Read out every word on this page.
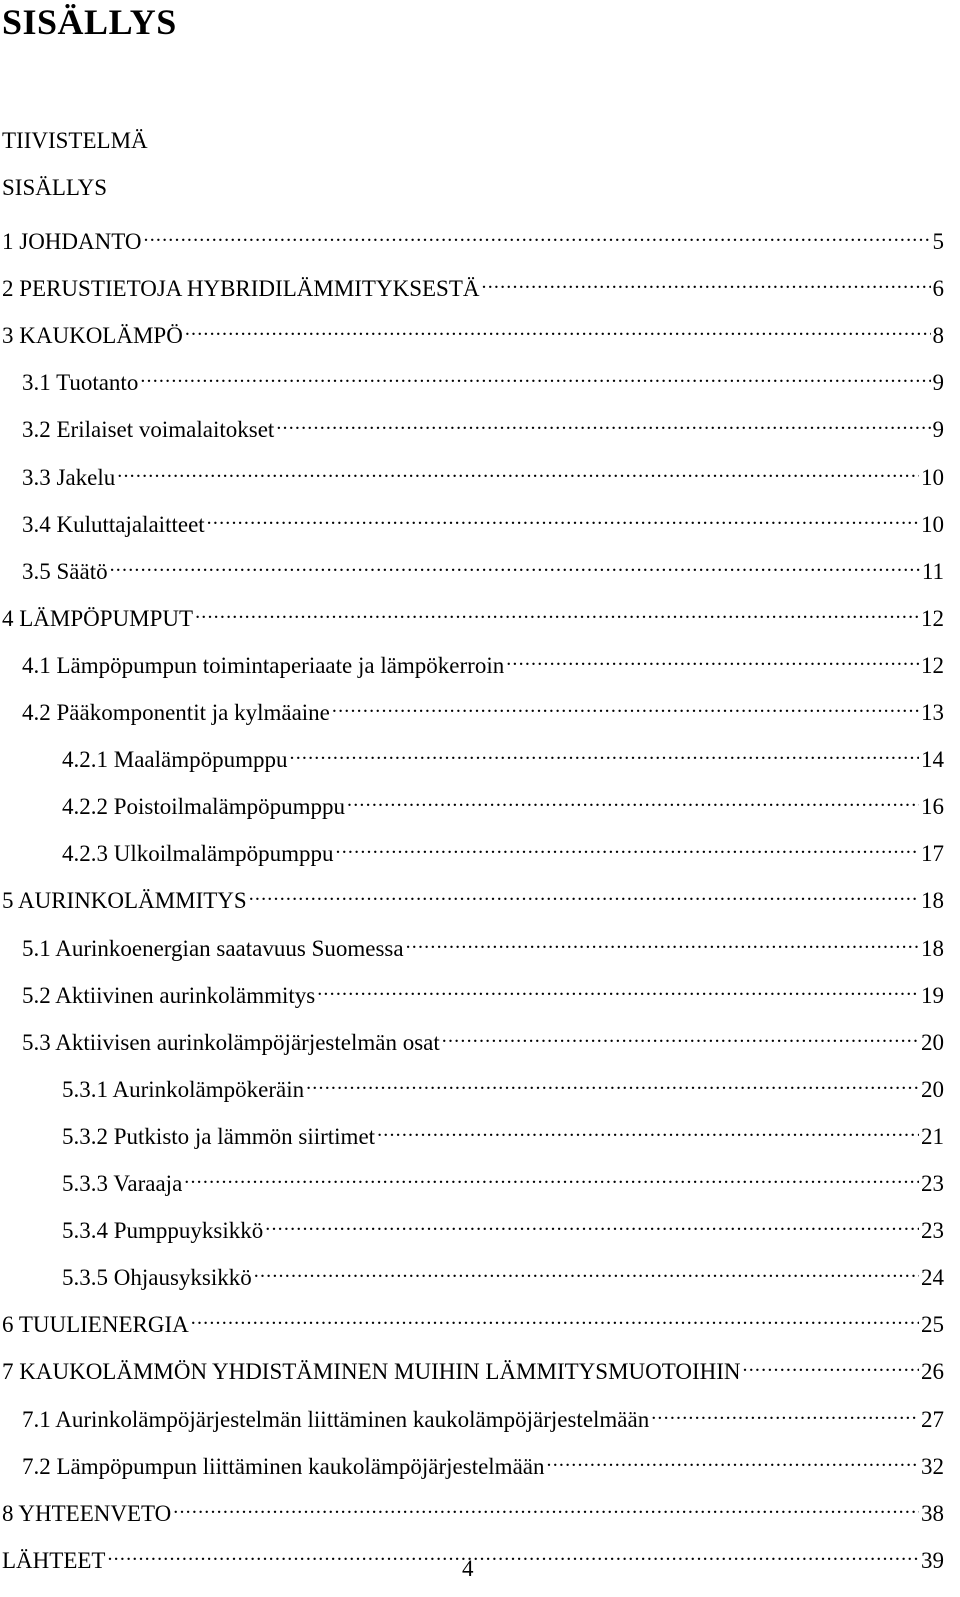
SISÄLLYS
TIIVISTELMÄ
SISÄLLYS
1 JOHDANTO .....	5
2 PERUSTIETOJA HYBRIDILÄMMITYKSESTÄ .....	6
3 KAUKOLÄMPÖ .....	8
3.1 Tuotanto .....	9
3.2 Erilaiset voimalaitokset .....	9
3.3 Jakelu .....	10
3.4 Kuluttajalaitteet .....	10
3.5 Säätö .....	11
4 LÄMPÖPUMPUT .....	12
4.1 Lämpöpumpun toimintaperiaate ja lämpökerroin .....	12
4.2 Pääkomponentit ja kylmäaine .....	13
4.2.1 Maalämpöpumppu .....	14
4.2.2 Poistoilmalämpöpumppu .....	16
4.2.3 Ulkoilmalämpöpumppu .....	17
5 AURINKOLÄMMITYS .....	18
5.1 Aurinkoenergian saatavuus Suomessa .....	18
5.2 Aktiivinen aurinkolämmitys .....	19
5.3 Aktiivisen aurinkolämpöjärjestelmän osat .....	20
5.3.1 Aurinkolämpökeräin .....	20
5.3.2 Putkisto ja lämmön siirtimet .....	21
5.3.3 Varaaja .....	23
5.3.4 Pumppuyksikkö .....	23
5.3.5 Ohjausyksikkö .....	24
6 TUULIENERGIA .....	25
7 KAUKOLÄMMÖN YHDISTÄMINEN MUIHIN LÄMMITYSMUOTOIHIN .....	26
7.1 Aurinkolämpöjärjestelmän liittäminen kaukolämpöjärjestelmään .....	27
7.2 Lämpöpumpun liittäminen kaukolämpöjärjestelmään .....	32
8 YHTEENVETO .....	38
LÄHTEET .....	39
4
